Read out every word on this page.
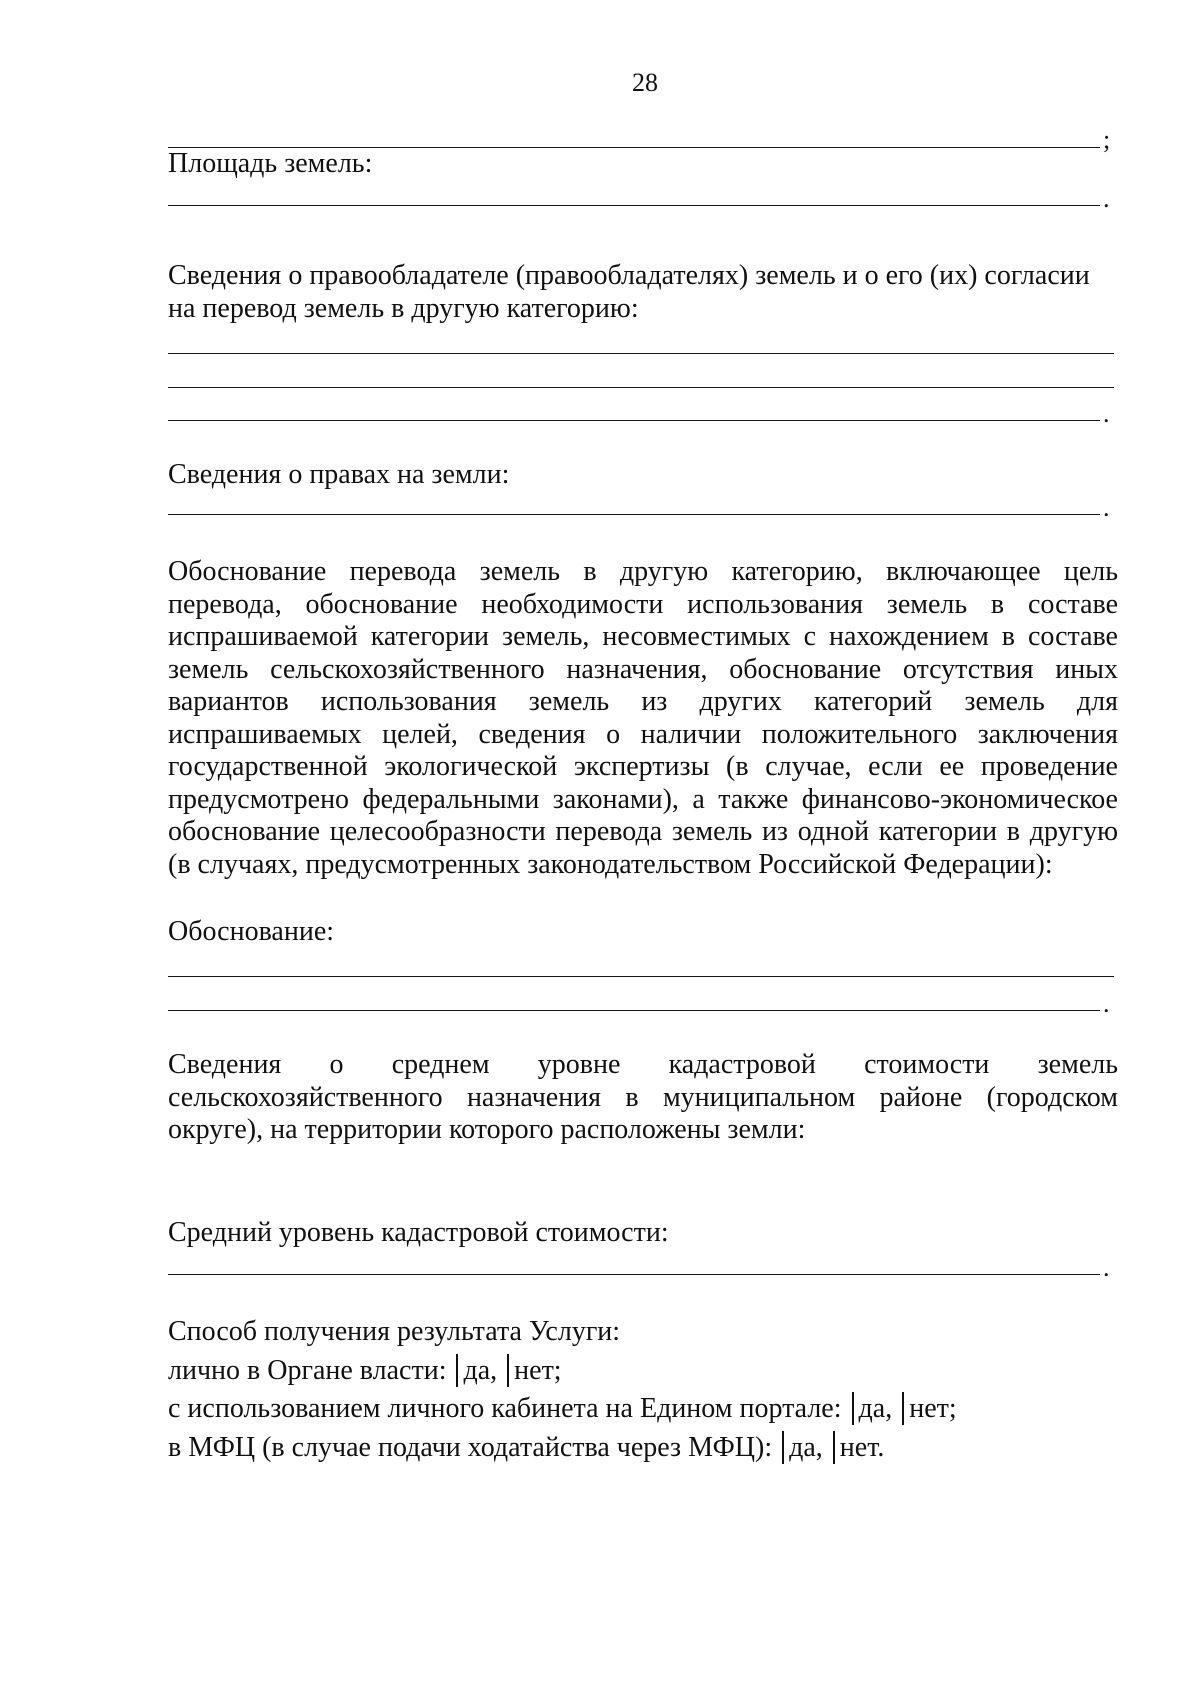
28
;
Площадь земель:
.
Сведения о правообладателе (правообладателях) земель и о его (их) согласии
на перевод земель в другую категорию:
.
Сведения о правах на земли:
.
Обоснование перевода земель в другую категорию, включающее цель
перевода, обоснование необходимости использования земель в составе
испрашиваемой категории земель, несовместимых с нахождением в составе
земель сельскохозяйственного назначения, обоснование отсутствия иных
вариантов использования земель из других категорий земель для
испрашиваемых целей, сведения о наличии положительного заключения
государственной экологической экспертизы (в случае, если ее проведение
предусмотрено федеральными законами), а также финансово-экономическое
обоснование целесообразности перевода земель из одной категории в другую
(в случаях, предусмотренных законодательством Российской Федерации):
Обоснование:
.
Сведения о среднем уровне кадастровой стоимости земель
сельскохозяйственного назначения в муниципальном районе (городском
округе), на территории которого расположены земли:
Средний уровень кадастровой стоимости:
.
Способ получения результата Услуги:
лично в Органе власти: да, нет;
с использованием личного кабинета на Едином портале: да, нет;
в МФЦ (в случае подачи ходатайства через МФЦ): да, нет.
